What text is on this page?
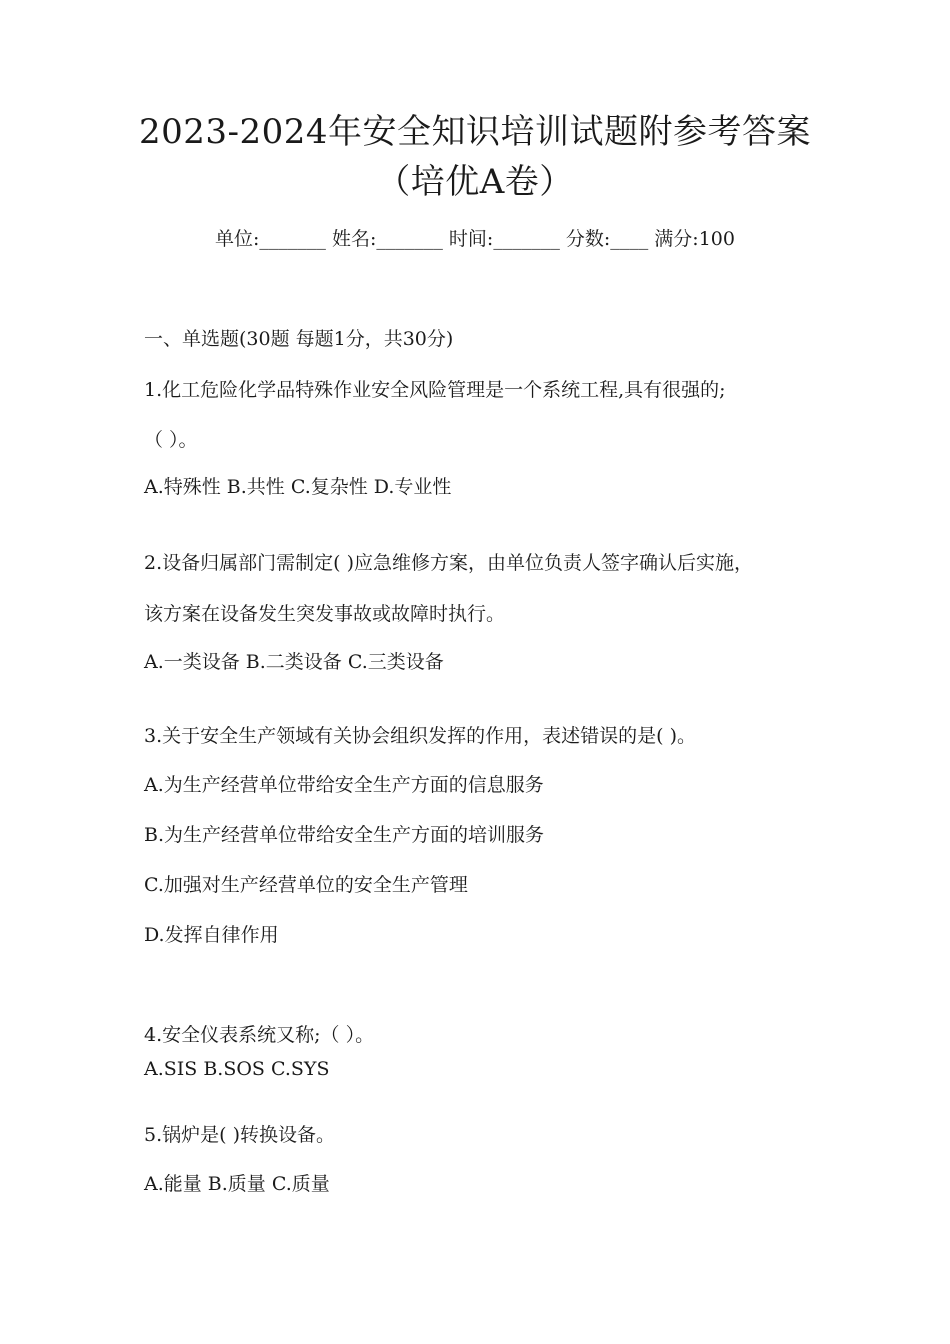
2023-2024年安全知识培训试题附参考答案
（培优A卷）
单位:_______ 姓名:_______ 时间:_______ 分数:____ 满分:100
一、单选题(30题 每题1分，共30分)
1.化工危险化学品特殊作业安全风险管理是一个系统工程,具有很强的;
（ ）。
A.特殊性 B.共性 C.复杂性 D.专业性
2.设备归属部门需制定( )应急维修方案，由单位负责人签字确认后实施，
该方案在设备发生突发事故或故障时执行。
A.一类设备 B.二类设备 C.三类设备
3.关于安全生产领域有关协会组织发挥的作用，表述错误的是( )。
A.为生产经营单位带给安全生产方面的信息服务
B.为生产经营单位带给安全生产方面的培训服务
C.加强对生产经营单位的安全生产管理
D.发挥自律作用
4.安全仪表系统又称;（ ）。
A.SIS B.SOS C.SYS
5.锅炉是( )转换设备。
A.能量 B.质量 C.质量
